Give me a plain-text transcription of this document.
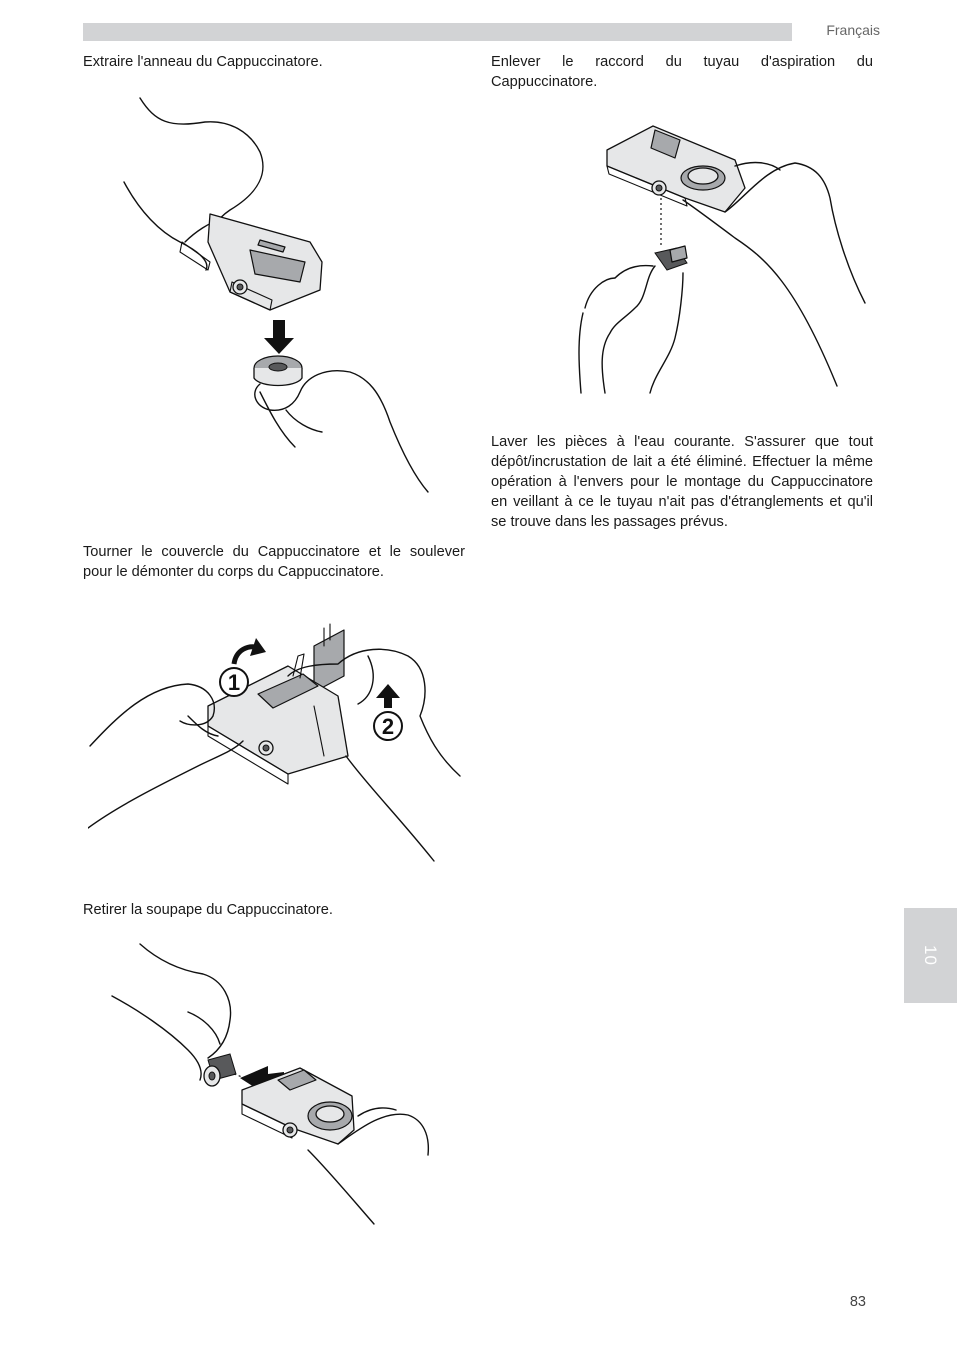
Français

Extraire l'anneau du Cappuccinatore.

Tourner le couvercle du Cappuccinatore et le soulever pour le démonter du corps du Cappuccinatore.

Retirer la soupape du Cappuccinatore.

Enlever le raccord du tuyau d'aspiration du Cappuccinatore.

Laver les pièces à l'eau courante. S'assurer que tout dépôt/incrustation de lait a été éliminé. Effectuer la même opération à l'envers pour le montage du Cappuccinatore en veillant à ce le tuyau n'ait pas d'étranglements et qu'il se trouve dans les passages prévus.

1
2
10
83
